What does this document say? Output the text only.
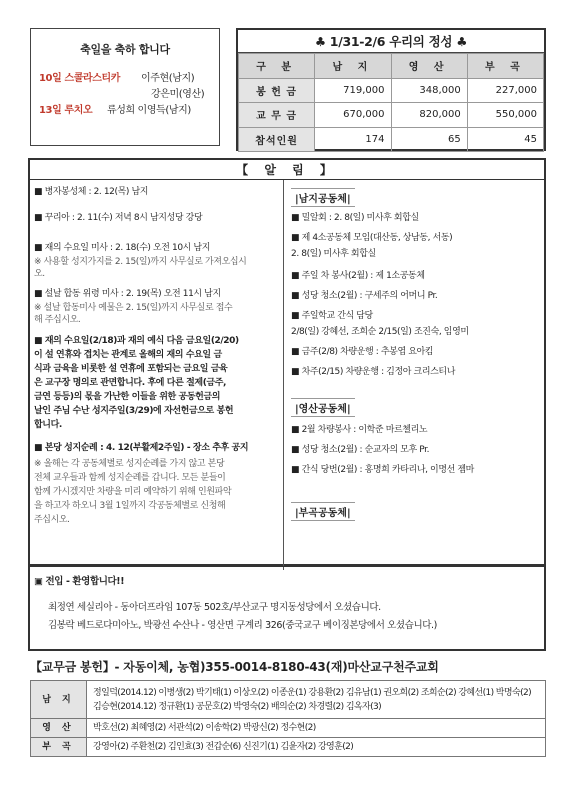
축일을 축하 합니다
10일 스콜라스티카 이주현(남지)
강은미(영산)
13일 루치오 류성희 이영득(남지)
♣ 1/31-2/6 우리의 정성 ♣
구 분	남 지	영 산	부 곡
봉 헌 금	719,000	348,000	227,000
교 무 금	670,000	820,000	550,000
참석인원	174	65	45
【 알 림 】
■ 병자봉성체 : 2. 12(목) 남지
■ 꾸리아 : 2. 11(수) 저녁 8시 남지성당 강당
■ 재의 수요일 미사 : 2. 18(수) 오전 10시 남지
※ 사용할 성지가지를 2. 15(일)까지 사무실로 가져오십시
오.
■ 설날 합동 위령 미사 : 2. 19(목) 오전 11시 남지
※ 설날 합동미사 예물은 2. 15(일)까지 사무실로 접수
해 주십시오.
■ 재의 수요일(2/18)과 재의 예식 다음 금요일(2/20)
이 설 연휴와 겹치는 관계로 올해의 재의 수요일 금
식과 금육을 비롯한 설 연휴에 포함되는 금요일 금육
은 교구장 명의로 관면합니다. 후에 다른 절제(금주,
금연 등등)의 몫을 가난한 이들을 위한 공동헌금의
날인 주님 수난 성지주일(3/29)에 자선헌금으로 봉헌
합니다.
■ 본당 성지순례 : 4. 12(부활제2주일) - 장소 추후 공지
※ 올해는 각 공동체별로 성지순례를 가지 않고 본당
전체 교우들과 함께 성지순례를 갑니다. 모든 분들이
함께 가시겠지만 차량을 미리 예약하기 위해 인원파악
을 하고자 하오니 3월 1일까지 각공동체별로 신청해
주십시오.
|남지공동체|
■ 밀알회 : 2. 8(일) 미사후 회합실
■ 제 4소공동체 모임(대산동, 상남동, 서동)
2. 8(일) 미사후 회합실
■ 주일 차 봉사(2월) : 제 1소공동체
■ 성당 청소(2월) : 구세주의 어머니 Pr.
■ 주일학교 간식 담당
2/8(일) 강혜선, 조희순 2/15(일) 조진숙, 임영미
■ 금주(2/8) 차량운행 : 추봉엽 요아킴
■ 차주(2/15) 차량운행 : 김정아 크리스티나
|영산공동체|
■ 2월 차량봉사 : 이학준 마르첼리노
■ 성당 청소(2월) : 순교자의 모후 Pr.
■ 간식 당번(2월) : 홍명희 카타리나, 이명선 젬마
|부곡공동체|
▣ 전입 - 환영합니다!!
최정연 세실리아 - 동아더프라임 107동 502호/부산교구 명지동성당에서 오셨습니다.
김봉락 베드로다미아노, 박광선 수산나 - 영산면 구계리 326(중국교구 베이징본당에서 오셨습니다.)
【교무금 봉헌】- 자동이체, 농협)355-0014-8180-43(재)마산교구천주교회
남 지	정일덕(2014.12) 이병생(2) 박기태(1) 이상오(2) 이종운(1) 강용환(2) 김유남(1) 권오희(2) 조희순(2) 강혜선(1) 박명숙(2) 김승현(2014.12) 정규환(1) 공문호(2) 박영숙(2) 배의순(2) 차경렬(2) 김옥자(3)
영 산	박호선(2) 최혜영(2) 서관석(2) 이송학(2) 박광신(2) 정수현(2)
부 곡	강영아(2) 주환천(2) 김인효(3) 전갑순(6) 신진기(1) 김윤자(2) 강영훈(2)
